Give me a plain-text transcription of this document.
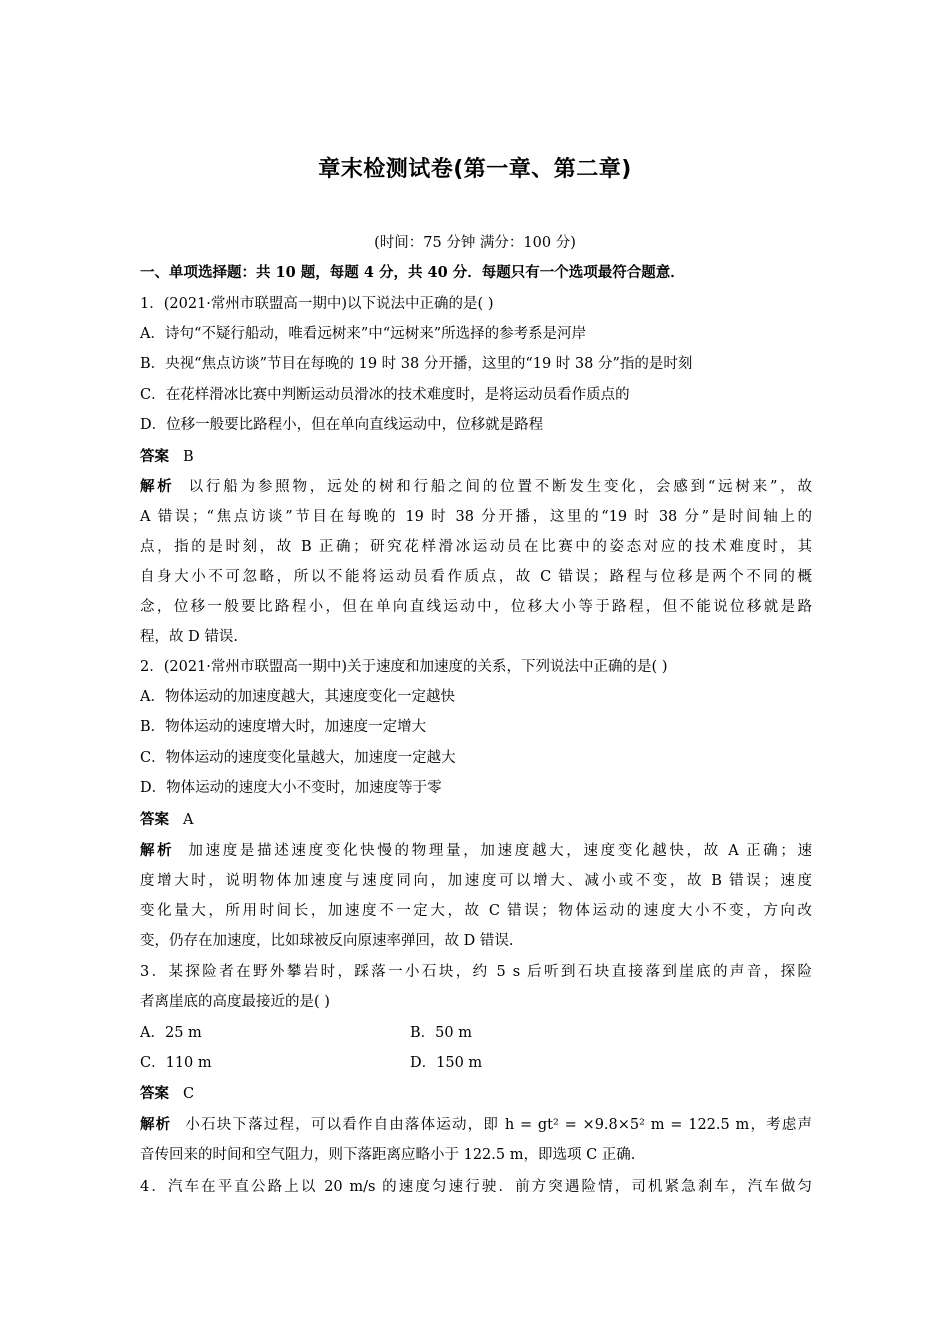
章末检测试卷(第一章、第二章)
(时间：75 分钟 满分：100 分)
一、单项选择题：共 10 题，每题 4 分，共 40 分．每题只有一个选项最符合题意．
1．(2021·常州市联盟高一期中)以下说法中正确的是( )
A．诗句“不疑行船动，唯看远树来”中“远树来”所选择的参考系是河岸
B．央视“焦点访谈”节目在每晚的 19 时 38 分开播，这里的“19 时 38 分”指的是时刻
C．在花样滑冰比赛中判断运动员滑冰的技术难度时，是将运动员看作质点的
D．位移一般要比路程小，但在单向直线运动中，位移就是路程
答案 B
解析 以行船为参照物，远处的树和行船之间的位置不断发生变化，会感到“远树来”，故
A 错误；“焦点访谈”节目在每晚的 19 时 38 分开播，这里的“19 时 38 分”是时间轴上的
点，指的是时刻，故 B 正确；研究花样滑冰运动员在比赛中的姿态对应的技术难度时，其
自身大小不可忽略，所以不能将运动员看作质点，故 C 错误；路程与位移是两个不同的概
念，位移一般要比路程小，但在单向直线运动中，位移大小等于路程，但不能说位移就是路
程，故 D 错误.
2．(2021·常州市联盟高一期中)关于速度和加速度的关系，下列说法中正确的是( )
A．物体运动的加速度越大，其速度变化一定越快
B．物体运动的速度增大时，加速度一定增大
C．物体运动的速度变化量越大，加速度一定越大
D．物体运动的速度大小不变时，加速度等于零
答案 A
解析 加速度是描述速度变化快慢的物理量，加速度越大，速度变化越快，故 A 正确；速
度增大时，说明物体加速度与速度同向，加速度可以增大、减小或不变，故 B 错误；速度
变化量大，所用时间长，加速度不一定大，故 C 错误；物体运动的速度大小不变，方向改
变，仍存在加速度，比如球被反向原速率弹回，故 D 错误.
3．某探险者在野外攀岩时，踩落一小石块，约 5 s 后听到石块直接落到崖底的声音，探险
者离崖底的高度最接近的是( )
A．25 m	B．50 m
C．110 m	D．150 m
答案 C
解析 小石块下落过程，可以看作自由落体运动，即 h = gt² = ×9.8×5² m = 122.5 m，考虑声
音传回来的时间和空气阻力，则下落距离应略小于 122.5 m，即选项 C 正确.
4．汽车在平直公路上以 20 m/s 的速度匀速行驶．前方突遇险情，司机紧急刹车，汽车做匀
